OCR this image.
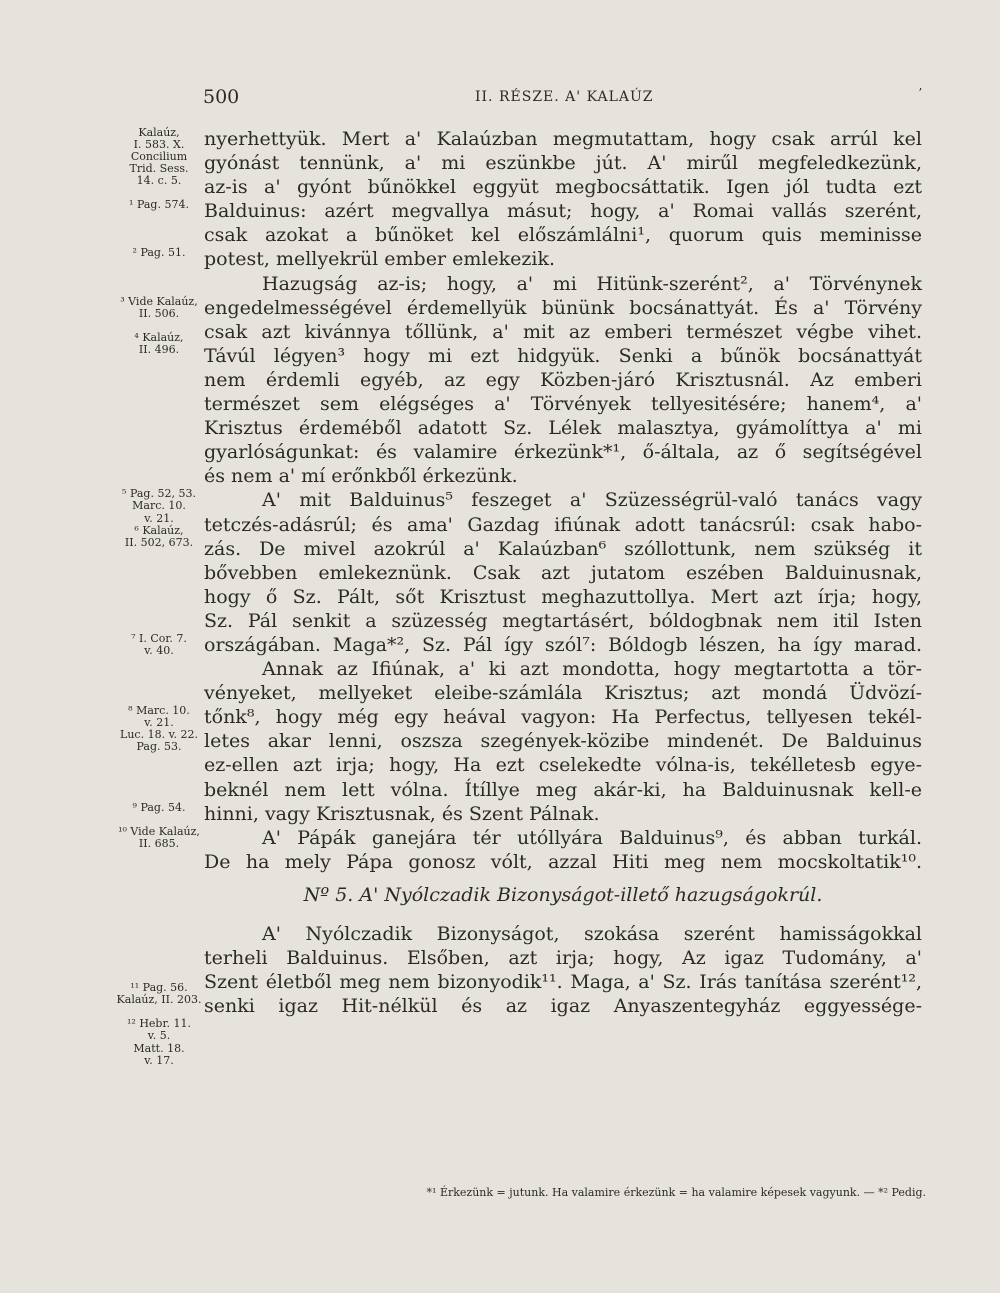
500	II. RÉSZE. A' KALAÚZ	ʼ
Kalaúz,
I. 583. X.
Concilium
Trid. Sess.
14. c. 5.

¹ Pag. 574.

² Pag. 51.

³ Vide Kalaúz,
II. 506.

⁴ Kalaúz,
II. 496.

⁵ Pag. 52, 53.
Marc. 10.
v. 21.
⁶ Kalaúz,
II. 502, 673.

⁷ I. Cor. 7.
v. 40.

⁸ Marc. 10.
v. 21.
Luc. 18. v. 22.
Pag. 53.

⁹ Pag. 54.

¹⁰ Vide Kalaúz,
II. 685.

¹¹ Pag. 56.
Kalaúz, II. 203.

¹² Hebr. 11.
v. 5.
Matt. 18.
v. 17.
nyerhettyük. Mert a' Kalaúzban megmutattam, hogy csak arrúl kel
gyónást tennünk, a' mi eszünkbe jút. A' mirűl megfeledkezünk,
az-is a' gyónt bűnökkel eggyüt megbocsáttatik. Igen jól tudta ezt
Balduinus: azért megvallya másut; hogy, a' Romai vallás szerént,
csak azokat a bűnöket kel előszámlálni¹, quorum quis meminisse
potest, mellyekrül ember emlekezik.
Hazugság az-is; hogy, a' mi Hitünk-szerént², a' Törvénynek
engedelmességével érdemellyük bününk bocsánattyát. És a' Törvény
csak azt kivánnya tőllünk, a' mit az emberi természet végbe vihet.
Távúl légyen³ hogy mi ezt hidgyük. Senki a bűnök bocsánattyát
nem érdemli egyéb, az egy Közben-járó Krisztusnál. Az emberi
természet sem elégséges a' Törvények tellyesitésére; hanem⁴, a'
Krisztus érdeméből adatott Sz. Lélek malasztya, gyámolíttya a' mi
gyarlóságunkat: és valamire érkezünk*¹, ő-általa, az ő segítségével
és nem a' mí erőnkből érkezünk.
A' mit Balduinus⁵ feszeget a' Szüzességrül-való tanács vagy
tetczés-adásrúl; és ama' Gazdag ifiúnak adott tanácsrúl: csak habo-
zás. De mivel azokrúl a' Kalaúzban⁶ szóllottunk, nem szükség it
bővebben emlekeznünk. Csak azt jutatom eszében Balduinusnak,
hogy ő Sz. Pált, sőt Krisztust meghazuttollya. Mert azt írja; hogy,
Sz. Pál senkit a szüzesség megtartásért, bóldogbnak nem itil Isten
országában. Maga*², Sz. Pál így szól⁷: Bóldogb lészen, ha így marad.
Annak az Ifiúnak, a' ki azt mondotta, hogy megtartotta a tör-
vényeket, mellyeket eleibe-számlála Krisztus; azt mondá Üdvözí-
tőnk⁸, hogy még egy heával vagyon: Ha Perfectus, tellyesen tekél-
letes akar lenni, oszsza szegények-közibe mindenét. De Balduinus
ez-ellen azt irja; hogy, Ha ezt cselekedte vólna-is, tekélletesb egye-
beknél nem lett vólna. Ítíllye meg akár-ki, ha Balduinusnak kell-e
hinni, vagy Krisztusnak, és Szent Pálnak.
A' Pápák ganejára tér utóllyára Balduinus⁹, és abban turkál.
De ha mely Pápa gonosz vólt, azzal Hiti meg nem mocskoltatik¹⁰.
Nº 5. A' Nyólczadik Bizonyságot-illető hazugságokrúl.
A' Nyólczadik Bizonyságot, szokása szerént hamisságokkal
terheli Balduinus. Elsőben, azt irja; hogy, Az igaz Tudomány, a'
Szent életből meg nem bizonyodik¹¹. Maga, a' Sz. Irás tanítása szerént¹²,
senki igaz Hit-nélkül és az igaz Anyaszentegyház eggyessége-
*¹ Érkezünk = jutunk. Ha valamire érkezünk = ha valamire képesek vagyunk. — *² Pedig.
